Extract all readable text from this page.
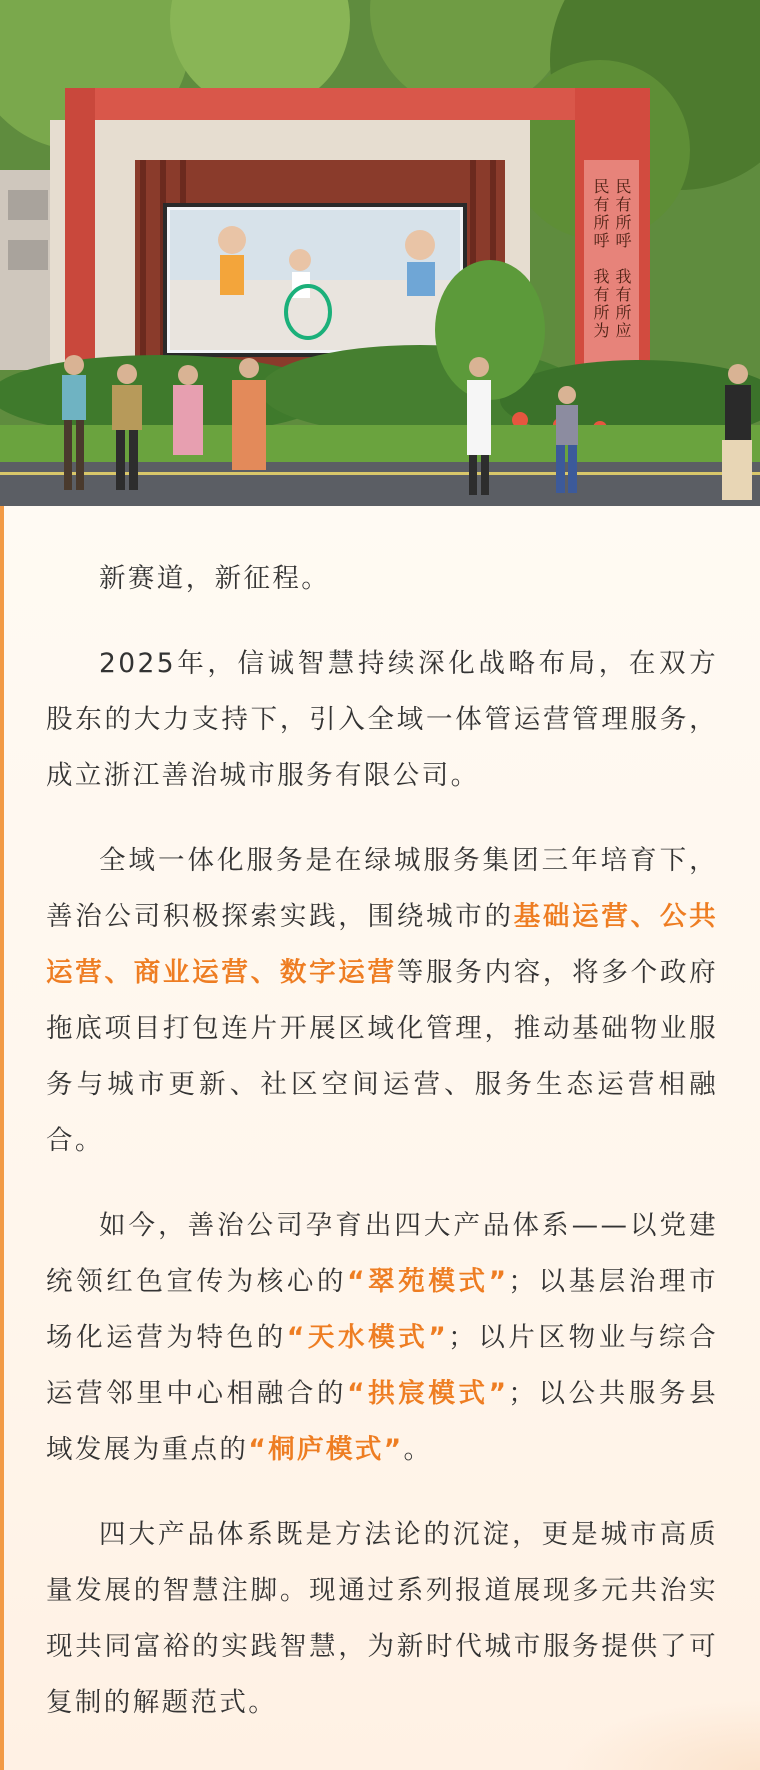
民有所呼
我有所应
民有所呼
我有所为

新赛道，新征程。

2025年，信诚智慧持续深化战略布局，在双方股东的大力支持下，引入全域一体管运营管理服务，成立浙江善治城市服务有限公司。

全域一体化服务是在绿城服务集团三年培育下，善治公司积极探索实践，围绕城市的基础运营、公共运营、商业运营、数字运营等服务内容，将多个政府拖底项目打包连片开展区域化管理，推动基础物业服务与城市更新、社区空间运营、服务生态运营相融合。

如今，善治公司孕育出四大产品体系——以党建统领红色宣传为核心的“翠苑模式”；以基层治理市场化运营为特色的“天水模式”；以片区物业与综合运营邻里中心相融合的“拱宸模式”；以公共服务县域发展为重点的“桐庐模式”。

四大产品体系既是方法论的沉淀，更是城市高质量发展的智慧注脚。现通过系列报道展现多元共治实现共同富裕的实践智慧，为新时代城市服务提供了可复制的解题范式。
